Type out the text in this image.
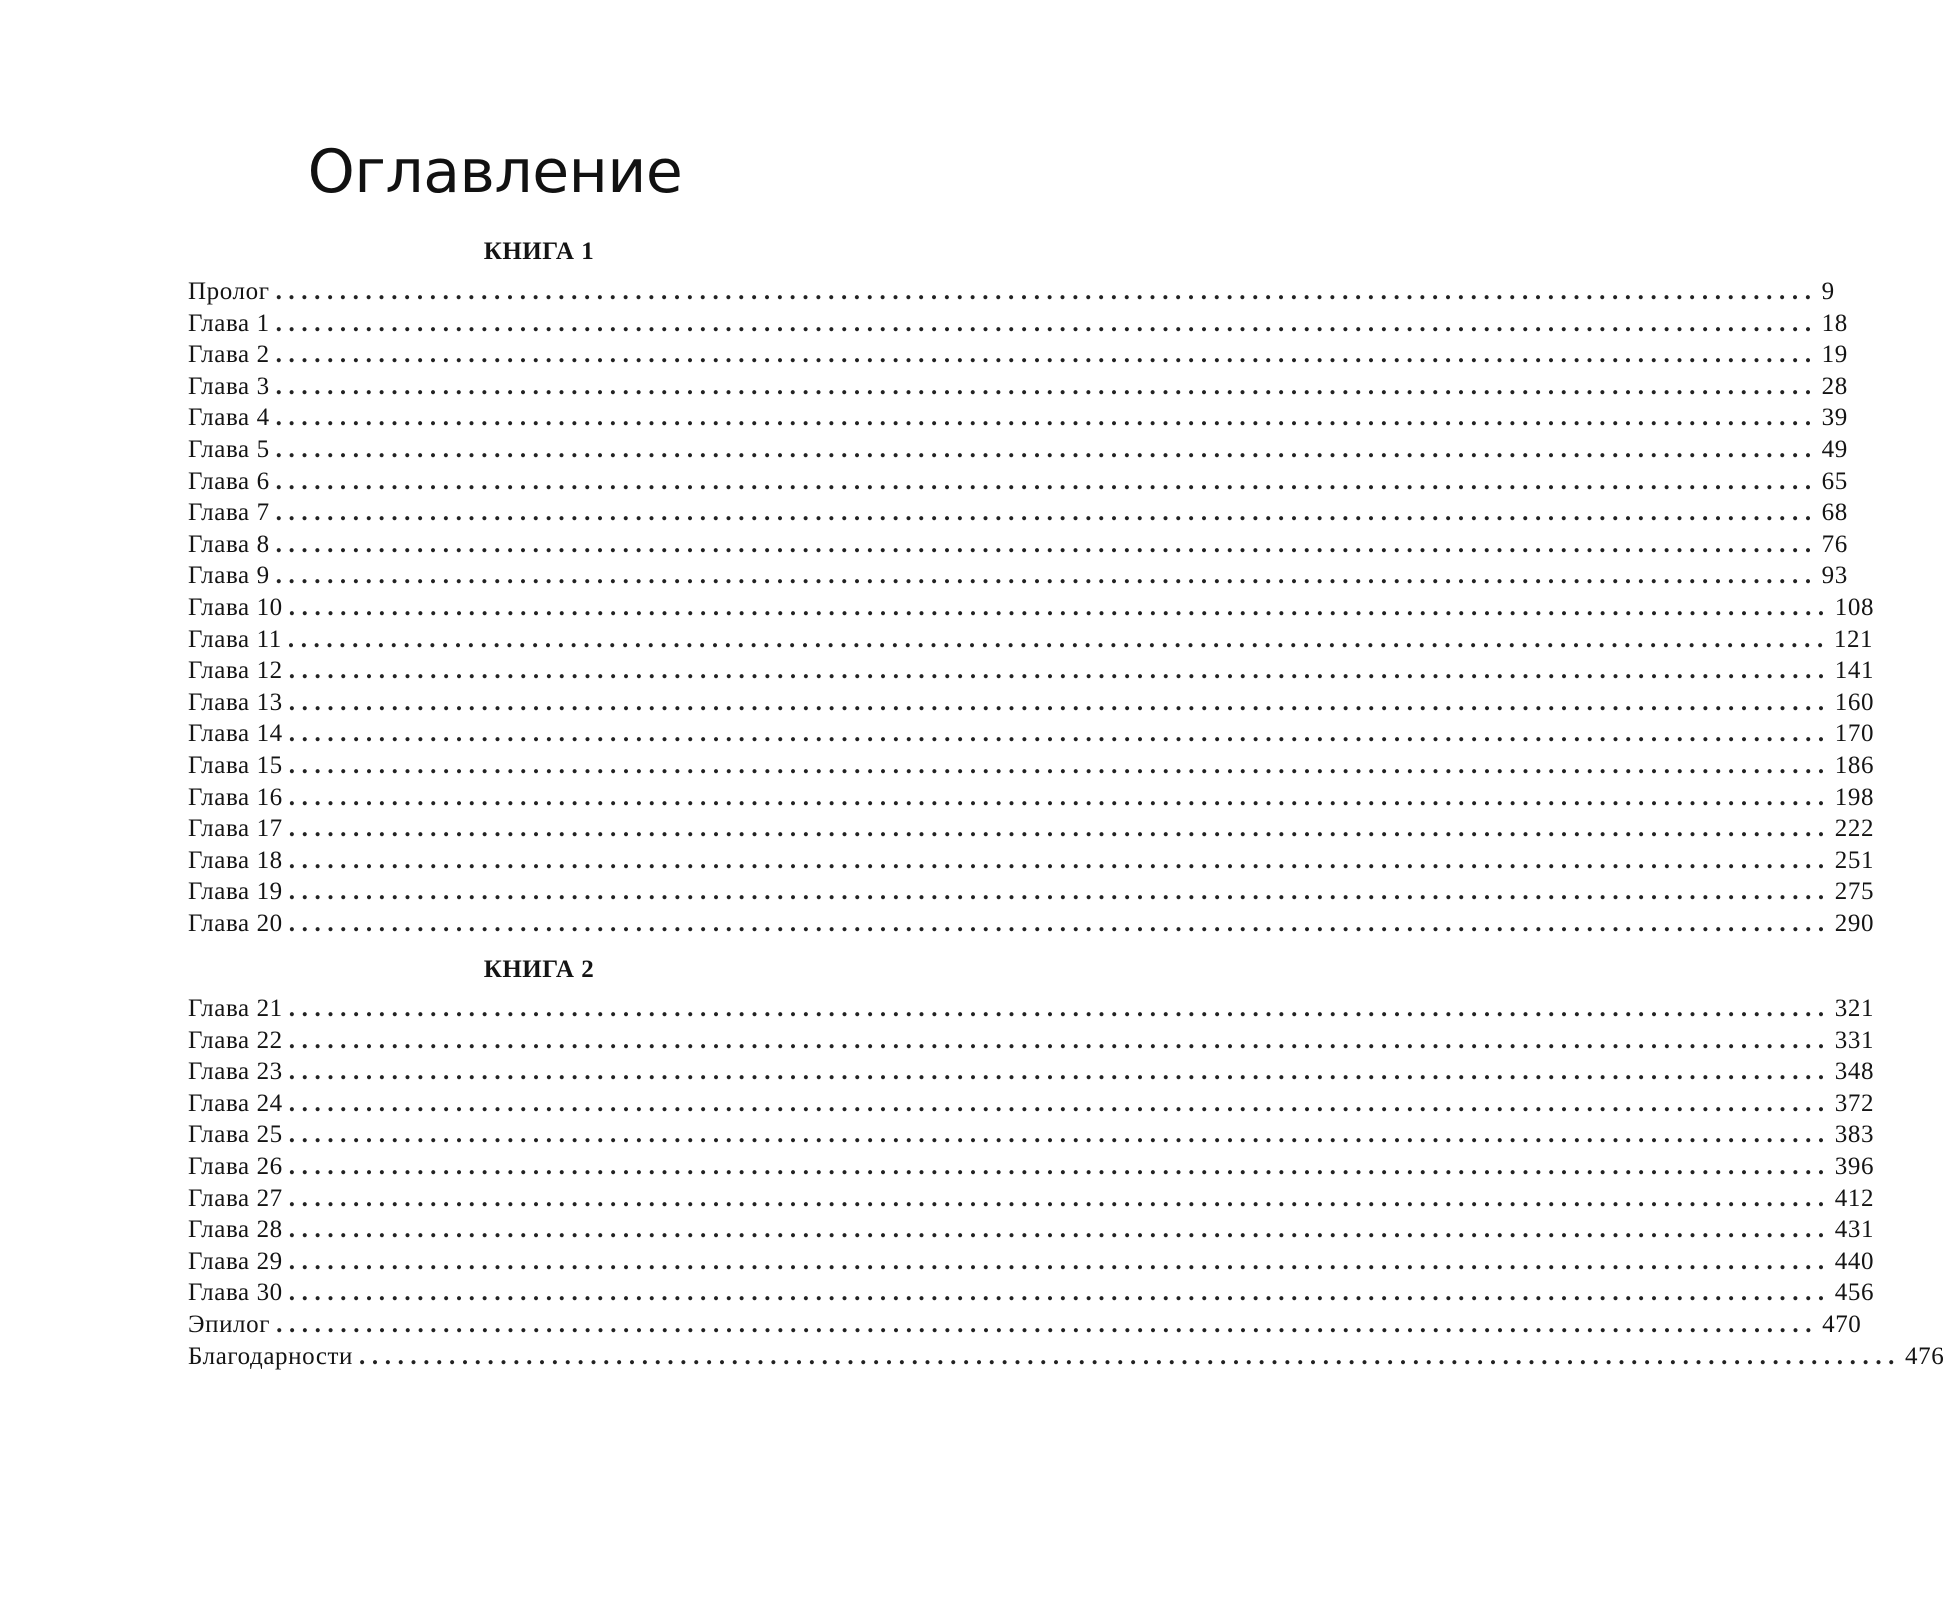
Оглавление
КНИГА 1
Пролог ........................................................................................................................ 9
Глава 1 ........................................................................................................................ 18
Глава 2 ........................................................................................................................ 19
Глава 3 ........................................................................................................................ 28
Глава 4 ........................................................................................................................ 39
Глава 5 ........................................................................................................................ 49
Глава 6 ........................................................................................................................ 65
Глава 7 ........................................................................................................................ 68
Глава 8 ........................................................................................................................ 76
Глава 9 ........................................................................................................................ 93
Глава 10 ........................................................................................................................ 108
Глава 11 ........................................................................................................................ 121
Глава 12 ........................................................................................................................ 141
Глава 13 ........................................................................................................................ 160
Глава 14 ........................................................................................................................ 170
Глава 15 ........................................................................................................................ 186
Глава 16 ........................................................................................................................ 198
Глава 17 ........................................................................................................................ 222
Глава 18 ........................................................................................................................ 251
Глава 19 ........................................................................................................................ 275
Глава 20 ........................................................................................................................ 290
КНИГА 2
Глава 21 ........................................................................................................................ 321
Глава 22 ........................................................................................................................ 331
Глава 23 ........................................................................................................................ 348
Глава 24 ........................................................................................................................ 372
Глава 25 ........................................................................................................................ 383
Глава 26 ........................................................................................................................ 396
Глава 27 ........................................................................................................................ 412
Глава 28 ........................................................................................................................ 431
Глава 29 ........................................................................................................................ 440
Глава 30 ........................................................................................................................ 456
Эпилог ........................................................................................................................ 470
Благодарности ........................................................................................................................ 476
